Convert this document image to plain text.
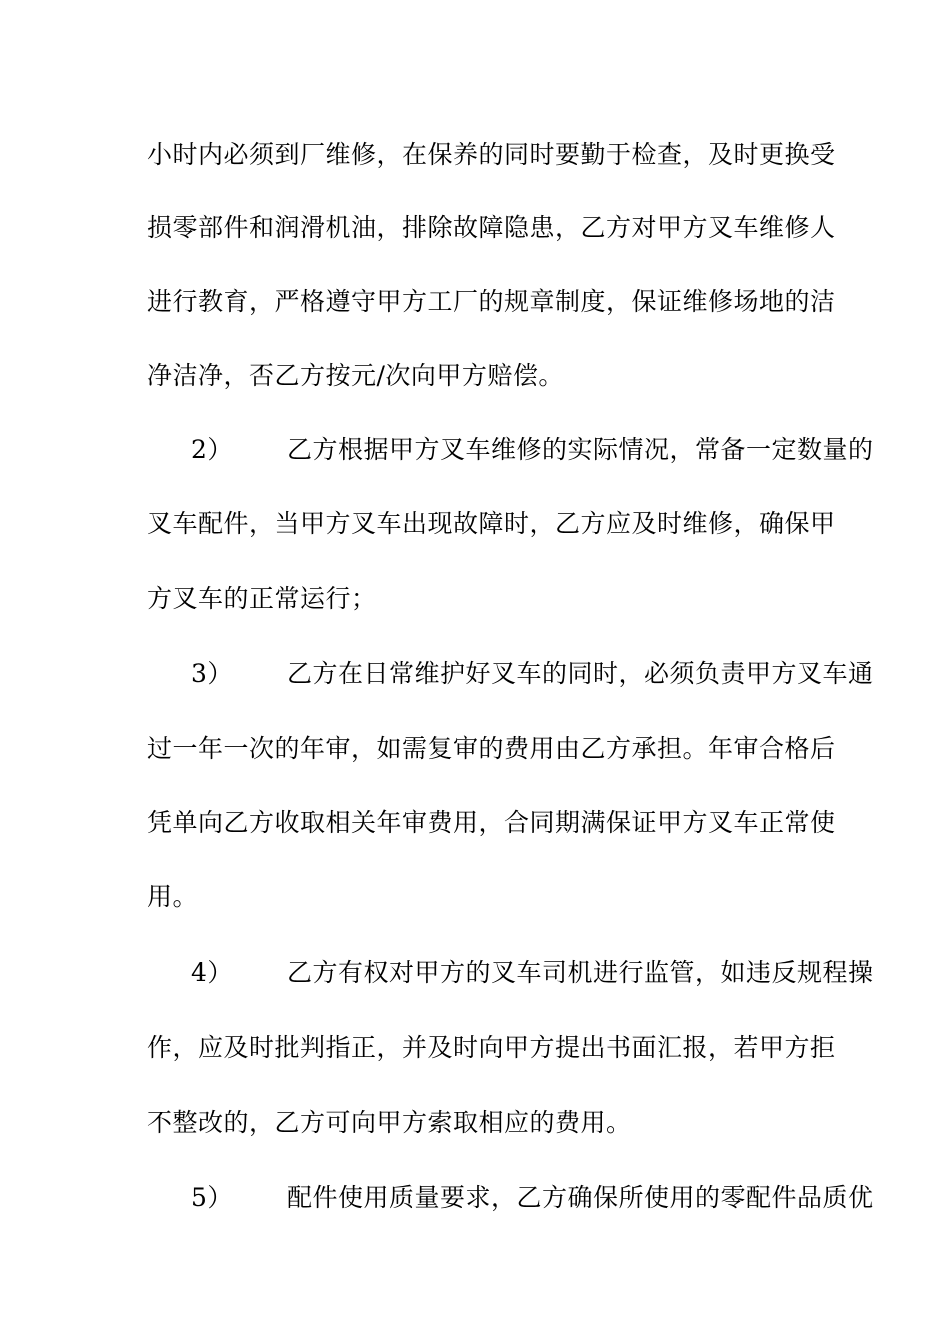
小时内必须到厂维修，在保养的同时要勤于检查，及时更换受
损零部件和润滑机油，排除故障隐患，乙方对甲方叉车维修人
进行教育，严格遵守甲方工厂的规章制度，保证维修场地的洁
净洁净，否乙方按元/次向甲方赔偿。
2） 乙方根据甲方叉车维修的实际情况，常备一定数量的
叉车配件，当甲方叉车出现故障时，乙方应及时维修，确保甲
方叉车的正常运行；
3） 乙方在日常维护好叉车的同时，必须负责甲方叉车通
过一年一次的年审，如需复审的费用由乙方承担。年审合格后
凭单向乙方收取相关年审费用，合同期满保证甲方叉车正常使
用。
4） 乙方有权对甲方的叉车司机进行监管，如违反规程操
作，应及时批判指正，并及时向甲方提出书面汇报，若甲方拒
不整改的，乙方可向甲方索取相应的费用。
5） 配件使用质量要求，乙方确保所使用的零配件品质优
